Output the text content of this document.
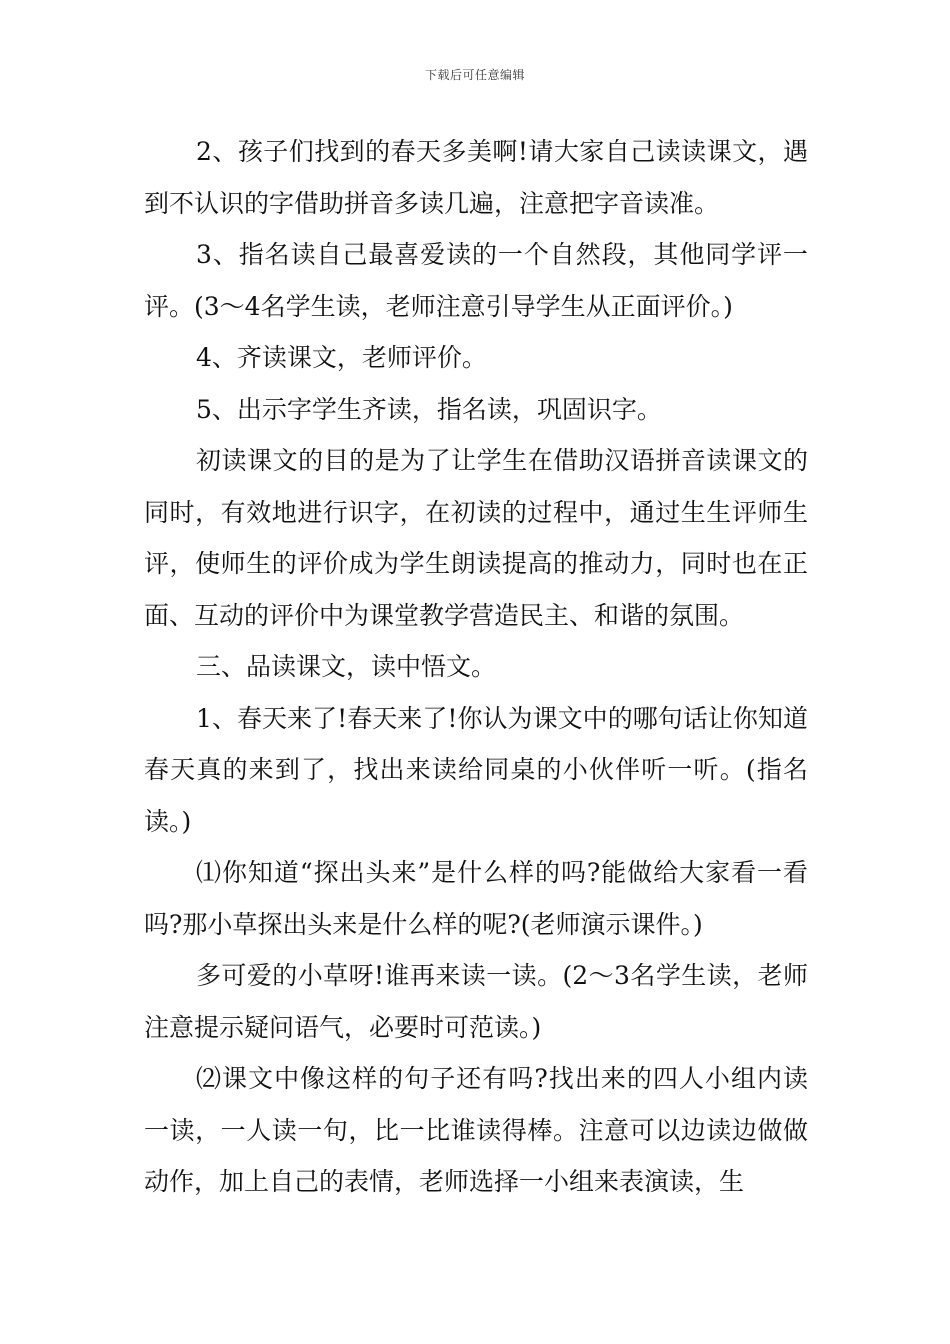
下载后可任意编辑

2、孩子们找到的春天多美啊!请大家自己读读课文，遇到不认识的字借助拼音多读几遍，注意把字音读准。

3、指名读自己最喜爱读的一个自然段，其他同学评一评。(3～4名学生读，老师注意引导学生从正面评价。)

4、齐读课文，老师评价。

5、出示字学生齐读，指名读，巩固识字。

初读课文的目的是为了让学生在借助汉语拼音读课文的同时，有效地进行识字，在初读的过程中，通过生生评师生评，使师生的评价成为学生朗读提高的推动力，同时也在正面、互动的评价中为课堂教学营造民主、和谐的氛围。

三、品读课文，读中悟文。

1、春天来了!春天来了!你认为课文中的哪句话让你知道春天真的来到了，找出来读给同桌的小伙伴听一听。(指名读。)

⑴你知道“探出头来”是什么样的吗?能做给大家看一看吗?那小草探出头来是什么样的呢?(老师演示课件。)

多可爱的小草呀!谁再来读一读。(2～3名学生读，老师注意提示疑问语气，必要时可范读。)

⑵课文中像这样的句子还有吗?找出来的四人小组内读一读，一人读一句，比一比谁读得棒。注意可以边读边做做动作，加上自己的表情，老师选择一小组来表演读，生
